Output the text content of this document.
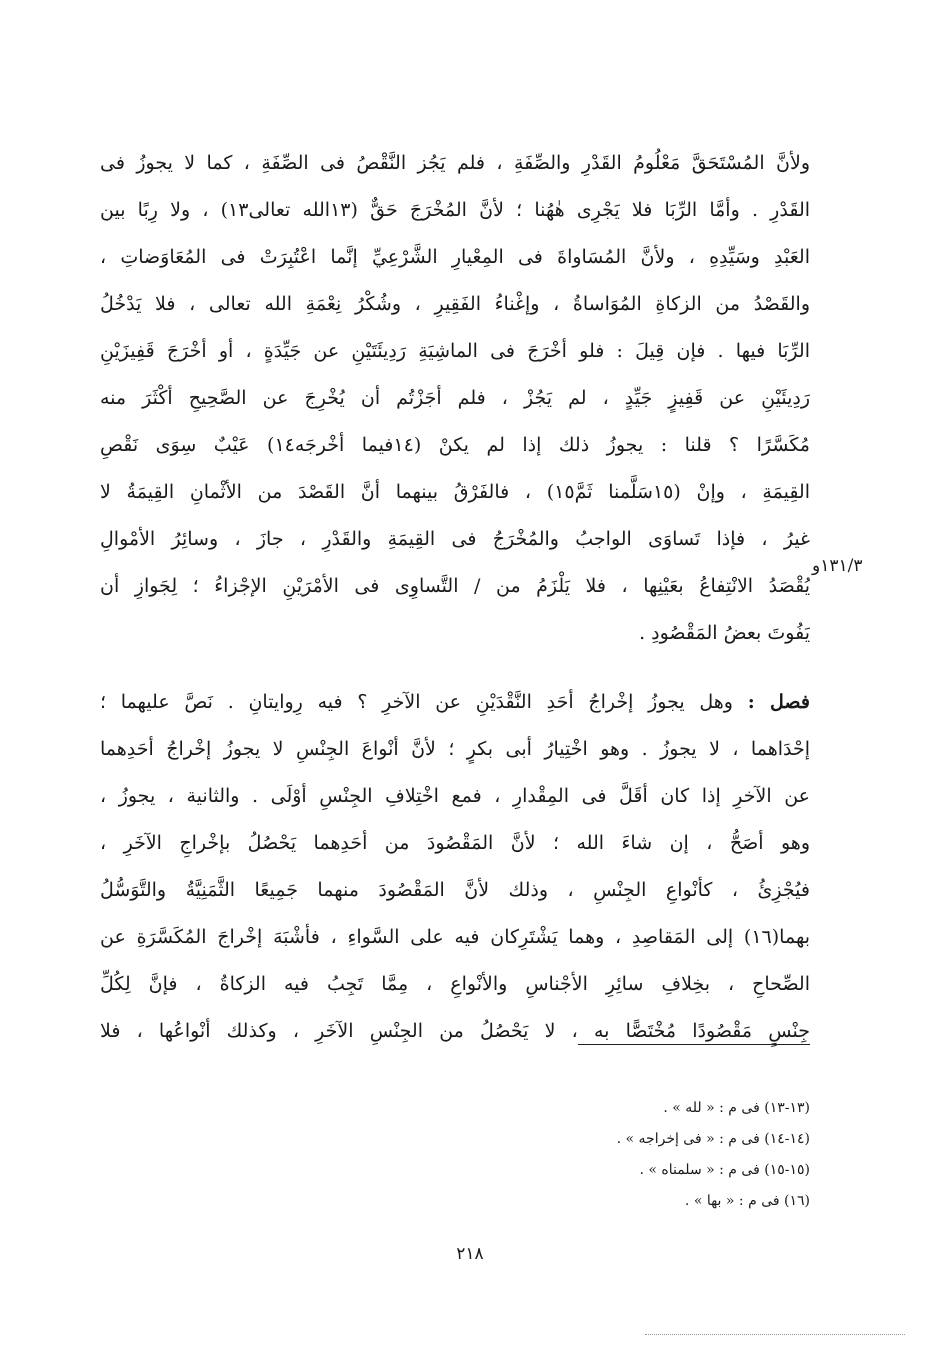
ولأنَّ المُسْتَحَقَّ مَعْلُومُ القَدْرِ والصِّفَةِ ، فلم يَجُز النَّقْصُ فى الصِّفَةِ ، كما لا يجوزُ فى
القَدْرِ . وأمَّا الرِّبَا فلا يَجْرِى هٰهُنا ؛ لأنَّ المُخْرَجَ حَقٌّ (١٣الله تعالى١٣) ، ولا رِبًا بين
العَبْدِ وسَيِّدِهِ ، ولأنَّ المُسَاواةَ فى المِعْيارِ الشَّرْعِيِّ إنَّما اعْتُبِرَتْ فى المُعَاوَضاتِ ،
والقَصْدُ من الزكاةِ المُوَاساةُ ، وإغْناءُ الفَقِيرِ ، وشُكْرُ نِعْمَةِ الله تعالى ، فلا يَدْخُلُ
الرِّبَا فيها . فإن قِيلَ : فلو أخْرَجَ فى الماشِيَةِ رَدِيئَتَيْنِ عن جَيِّدَةٍ ، أو أخْرَجَ قَفِيزَيْنِ
رَدِيئَيْنِ عن قَفِيزٍ جَيِّدٍ ، لم يَجُزْ ، فلم أجَزْتُم أن يُخْرِجَ عن الصَّحِيحِ أكْثَرَ منه
مُكَسَّرًا ؟ قلنا : يجوزُ ذلك إذا لم يكنْ (١٤فيما أخْرجَه١٤) عَيْبٌ سِوَى نَقْصِ
القِيمَةِ ، وإنْ (١٥سَلَّمنا ثَمَّ١٥) ، فالفَرْقُ بينهما أنَّ القَصْدَ من الأثْمانِ القِيمَةُ لا
غيرُ ، فإذا تَساوَى الواجبُ والمُخْرَجُ فى القِيمَةِ والقَدْرِ ، جازَ ، وسائِرُ الأمْوالِ
يُقْصَدُ الانْتِفاعُ بعَيْنِها ، فلا يَلْزَمُ من / التَّساوِى فى الأمْرَيْنِ الإجْزاءُ ؛ لِجَوازِ أن
يَفُوتَ بعضُ المَقْصُودِ .
فصل : وهل يجوزُ إخْراجُ أحَدِ النَّقْدَيْنِ عن الآخرِ ؟ فيه رِوايتانِ . نَصَّ عليهما ؛
إحْدَاهما ، لا يجوزُ . وهو اخْتِيارُ أبى بكرٍ ؛ لأنَّ أنْواعَ الجِنْسِ لا يجوزُ إخْراجُ أحَدِهما
عن الآخرِ إذا كان أقَلَّ فى المِقْدارِ ، فمع اخْتِلافِ الجِنْسِ أوْلَى . والثانية ، يجوزُ ،
وهو أصَحُّ ، إن شاءَ الله ؛ لأنَّ المَقْصُودَ من أحَدِهما يَحْصُلُ بإخْراجِ الآخَرِ ،
فيُجْزِئُ ، كأنْواعِ الجِنْسِ ، وذلك لأنَّ المَقْصُودَ منهما جَمِيعًا الثَّمَنِيَّةُ والتَّوَسُّلُ
بهما(١٦) إلى المَقاصِدِ ، وهما يَشْتَرِكان فيه على السَّواءِ ، فأشْبَهَ إخْراجَ المُكَسَّرَةِ عن
الصِّحاحِ ، بخِلافِ سائِرِ الأجْناسِ والأنْواعِ ، مِمَّا تَجِبُ فيه الزكاةُ ، فإنَّ لِكُلِّ
جِنْسٍ مَقْصُودًا مُخْتَصًّا به ، لا يَحْصُلُ من الجِنْسِ الآخَرِ ، وكذلك أنْواعُها ، فلا
١٣١/٣و
(١٣-١٣) فى م : « لله » .
(١٤-١٤) فى م : « فى إخراجه » .
(١٥-١٥) فى م : « سلمناه » .
(١٦) فى م : « بها » .
٢١٨
